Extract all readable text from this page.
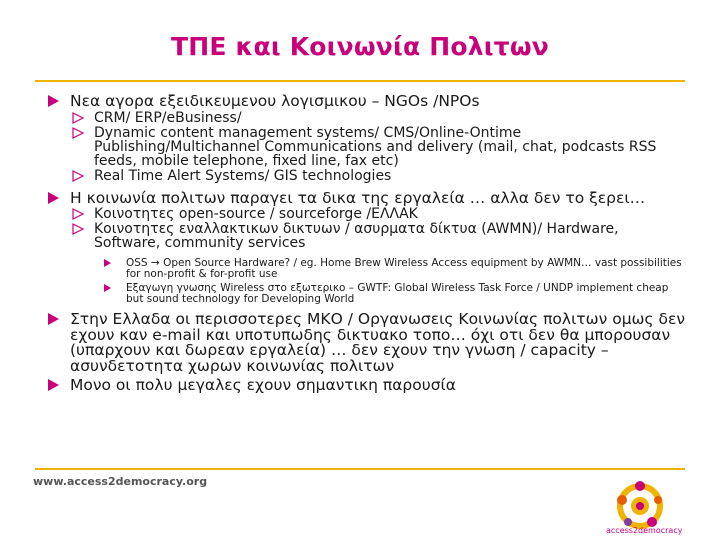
ΤΠΕ και Κοινωνία Πολιτων
Νεα αγορα εξειδικευμενου λογισμικου – NGOs /NPOs
CRM/ ERP/eBusiness/
Dynamic content management systems/ CMS/Online-Ontime Publishing/Multichannel Communications and delivery (mail, chat, podcasts RSS feeds, mobile telephone, fixed line, fax etc)
Real Time Alert Systems/ GIS technologies
Η κοινωνία πολιτων παραγει τα δικα της εργαλεία … αλλα δεν το ξερει…
Κοινοτητες open-source / sourceforge /ΕΛΛΑΚ
Κοινοτητες εναλλακτικων δικτυων / ασυρματα δίκτυα (AWMN)/ Hardware, Software, community services
OSS → Open Source Hardware? / eg. Home Brew Wireless Access equipment by AWMN… vast possibilities for non-profit & for-profit use
Εξαγωγη γνωσης Wireless στο εξωτερικο – GWTF: Global Wireless Task Force / UNDP implement cheap but sound technology for Developing World
Στην Ελλαδα οι περισσοτερες ΜΚΟ / Οργανωσεις Κοινωνίας πολιτων ομως δεν εχουν καν e-mail και υποτυπωδης δικτυακο τοπο… όχι οτι δεν θα μπορουσαν (υπαρχουν και δωρεαν εργαλεία) … δεν εχουν την γνωση / capacity – ασυνδετοτητα χωρων κοινωνίας πολιτων
Μονο οι πολυ μεγαλες εχουν σημαντικη παρουσία
www.access2democracy.org
access2democracy
